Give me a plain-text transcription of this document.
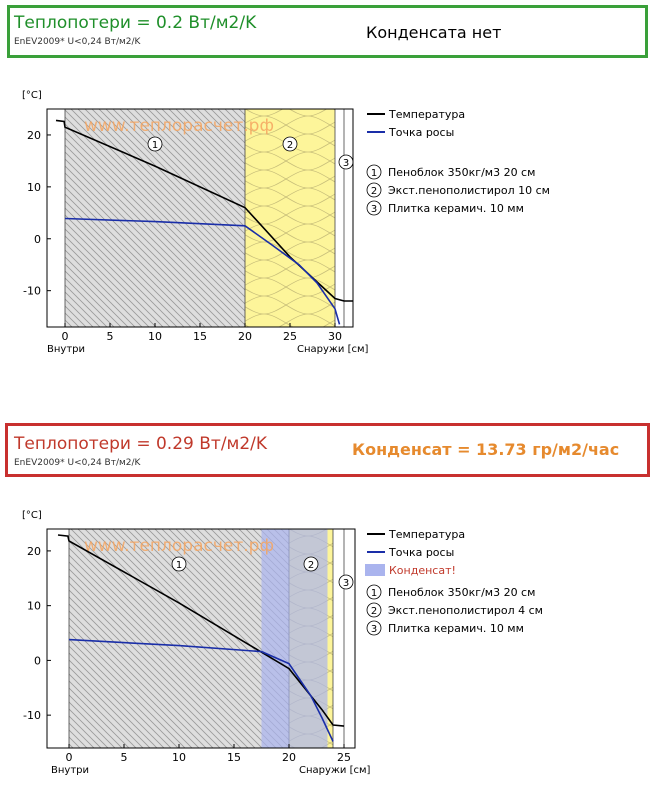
Теплопотери = 0.2 Вт/м2/K
EnEV2009* U<0,24 Вт/м2/K	Конденсата нет
1	2
3
www.теплорасчет.рф
-10
0
10
20
0	5	10	15	20	25	30
[°C]
Внутри	Снаружи [см]
Температура
Точка росы
1 Пеноблок 350кг/м3 20 см
2 Экст.пенополистирол 10 см
3 Плитка керамич. 10 мм
Теплопотери = 0.29 Вт/м2/K
EnEV2009* U<0,24 Вт/м2/K
Конденсат = 13.73 гр/м2/час
1	2
3
www.теплорасчет.рф
-10
0
10
20
0	5	10	15	20	25
[°C]
Внутри	Снаружи [см]
Температура
Точка росы
Конденсат!
1 Пеноблок 350кг/м3 20 см
2 Экст.пенополистирол 4 см
3 Плитка керамич. 10 мм
